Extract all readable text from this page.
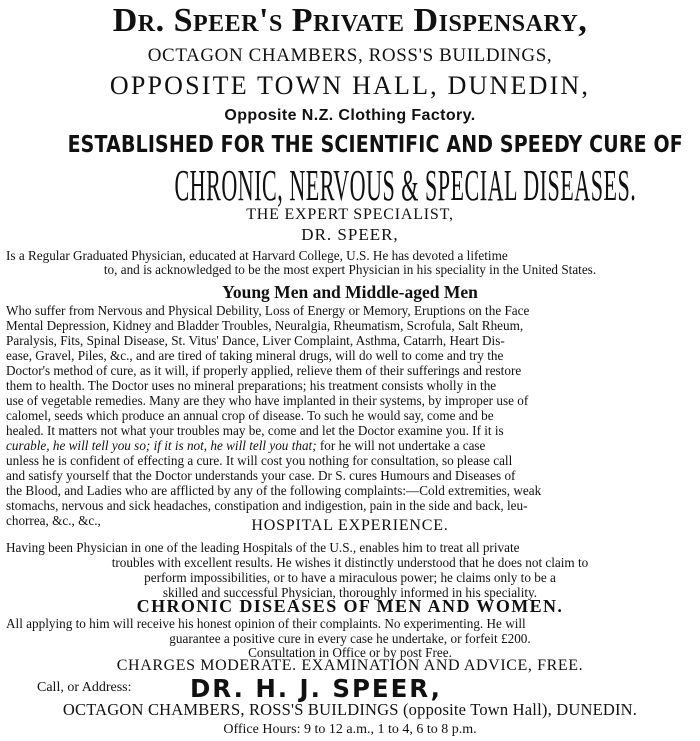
Dr. Speer's Private Dispensary,
OCTAGON CHAMBERS, ROSS'S BUILDINGS,
OPPOSITE TOWN HALL, DUNEDIN,
Opposite N.Z. Clothing Factory.
ESTABLISHED FOR THE SCIENTIFIC AND SPEEDY CURE OF
CHRONIC, NERVOUS & SPECIAL DISEASES.
THE EXPERT SPECIALIST,
DR. SPEER,
Is a Regular Graduated Physician, educated at Harvard College, U.S. He has devoted a lifetime
to, and is acknowledged to be the most expert Physician in his speciality in the United States.
Young Men and Middle-aged Men
Who suffer from Nervous and Physical Debility, Loss of Energy or Memory, Eruptions on the Face
Mental Depression, Kidney and Bladder Troubles, Neuralgia, Rheumatism, Scrofula, Salt Rheum,
Paralysis, Fits, Spinal Disease, St. Vitus' Dance, Liver Complaint, Asthma, Catarrh, Heart Dis-
ease, Gravel, Piles, &c., and are tired of taking mineral drugs, will do well to come and try the
Doctor's method of cure, as it will, if properly applied, relieve them of their sufferings and restore
them to health. The Doctor uses no mineral preparations; his treatment consists wholly in the
use of vegetable remedies. Many are they who have implanted in their systems, by improper use of
calomel, seeds which produce an annual crop of disease. To such he would say, come and be
healed. It matters not what your troubles may be, come and let the Doctor examine you. If it is
curable, he will tell you so; if it is not, he will tell you that; for he will not undertake a case
unless he is confident of effecting a cure. It will cost you nothing for consultation, so please call
and satisfy yourself that the Doctor understands your case. Dr S. cures Humours and Diseases of
the Blood, and Ladies who are afflicted by any of the following complaints:—Cold extremities, weak
stomachs, nervous and sick headaches, constipation and indigestion, pain in the side and back, leu-
chorrea, &c., &c.,	HOSPITAL EXPERIENCE.
Having been Physician in one of the leading Hospitals of the U.S., enables him to treat all private
troubles with excellent results. He wishes it distinctly understood that he does not claim to
perform impossibilities, or to have a miraculous power; he claims only to be a
skilled and successful Physician, thoroughly informed in his speciality.
CHRONIC DISEASES OF MEN AND WOMEN.
All applying to him will receive his honest opinion of their complaints. No experimenting. He will
guarantee a positive cure in every case he undertake, or forfeit £200.
Consultation in Office or by post Free.
CHARGES MODERATE. EXAMINATION AND ADVICE, FREE.
Call, or Address: DR. H. J. SPEER,
OCTAGON CHAMBERS, ROSS'S BUILDINGS (opposite Town Hall), DUNEDIN.
Office Hours: 9 to 12 a.m., 1 to 4, 6 to 8 p.m.
